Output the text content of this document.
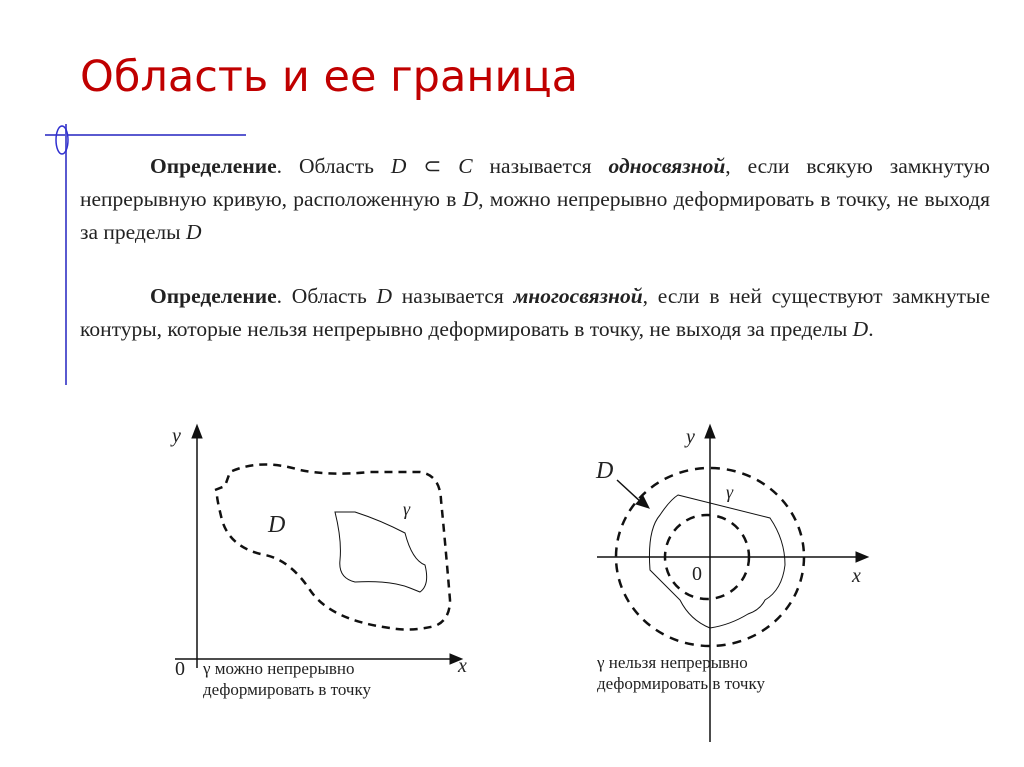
Область и ее граница
y
x
0
D
γ
y
x
0
D
γ
Определение. Область D ⊂ C называется односвязной, если всякую замкнутую непрерывную кривую, расположенную в D, можно непрерывно деформировать в точку, не выходя за пределы D
Определение. Область D называется многосвязной, если в ней существуют замкнутые контуры, которые нельзя непрерывно деформировать в точку, не выходя за пределы D.
γ можно непрерывно
деформировать в точку
γ нельзя непрерывно
деформировать в точку
